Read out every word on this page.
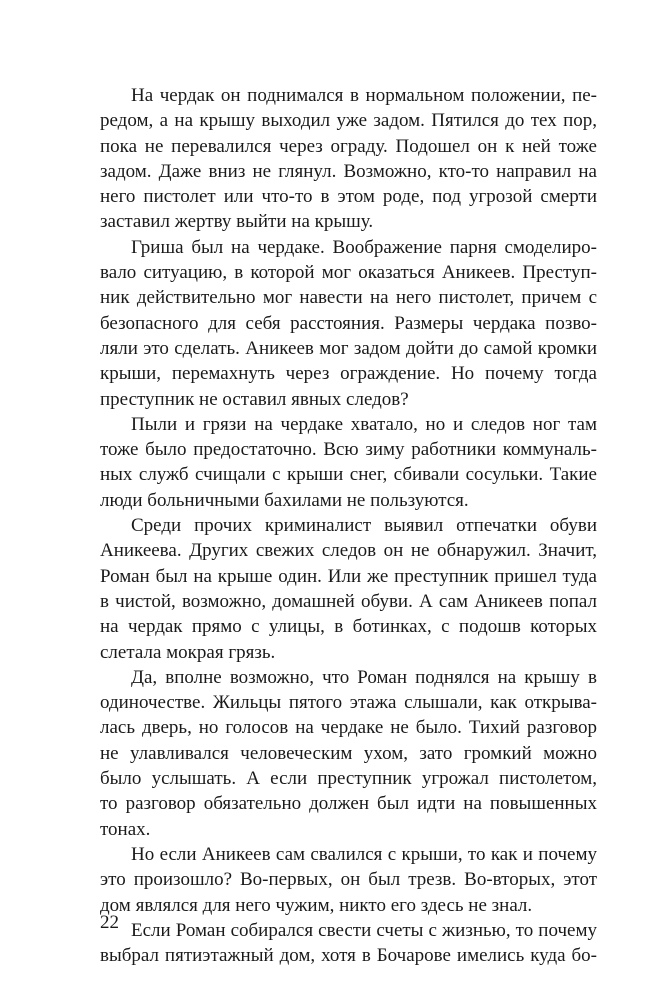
На чердак он поднимался в нормальном положении, пе-
редом, а на крышу выходил уже задом. Пятился до тех пор,
пока не перевалился через ограду. Подошел он к ней тоже
задом. Даже вниз не глянул. Возможно, кто-то направил на
него пистолет или что-то в этом роде, под угрозой смерти
заставил жертву выйти на крышу.
Гриша был на чердаке. Воображение парня смоделиро-
вало ситуацию, в которой мог оказаться Аникеев. Преступ-
ник действительно мог навести на него пистолет, причем с
безопасного для себя расстояния. Размеры чердака позво-
ляли это сделать. Аникеев мог задом дойти до самой кромки
крыши, перемахнуть через ограждение. Но почему тогда
преступник не оставил явных следов?
Пыли и грязи на чердаке хватало, но и следов ног там
тоже было предостаточно. Всю зиму работники коммуналь-
ных служб счищали с крыши снег, сбивали сосульки. Такие
люди больничными бахилами не пользуются.
Среди прочих криминалист выявил отпечатки обуви
Аникеева. Других свежих следов он не обнаружил. Значит,
Роман был на крыше один. Или же преступник пришел туда
в чистой, возможно, домашней обуви. А сам Аникеев попал
на чердак прямо с улицы, в ботинках, с подошв которых
слетала мокрая грязь.
Да, вполне возможно, что Роман поднялся на крышу в
одиночестве. Жильцы пятого этажа слышали, как открыва-
лась дверь, но голосов на чердаке не было. Тихий разговор
не улавливался человеческим ухом, зато громкий можно
было услышать. А если преступник угрожал пистолетом,
то разговор обязательно должен был идти на повышенных
тонах.
Но если Аникеев сам свалился с крыши, то как и почему
это произошло? Во-первых, он был трезв. Во-вторых, этот
дом являлся для него чужим, никто его здесь не знал.
Если Роман собирался свести счеты с жизнью, то почему
выбрал пятиэтажный дом, хотя в Бочарове имелись куда бо-
22
